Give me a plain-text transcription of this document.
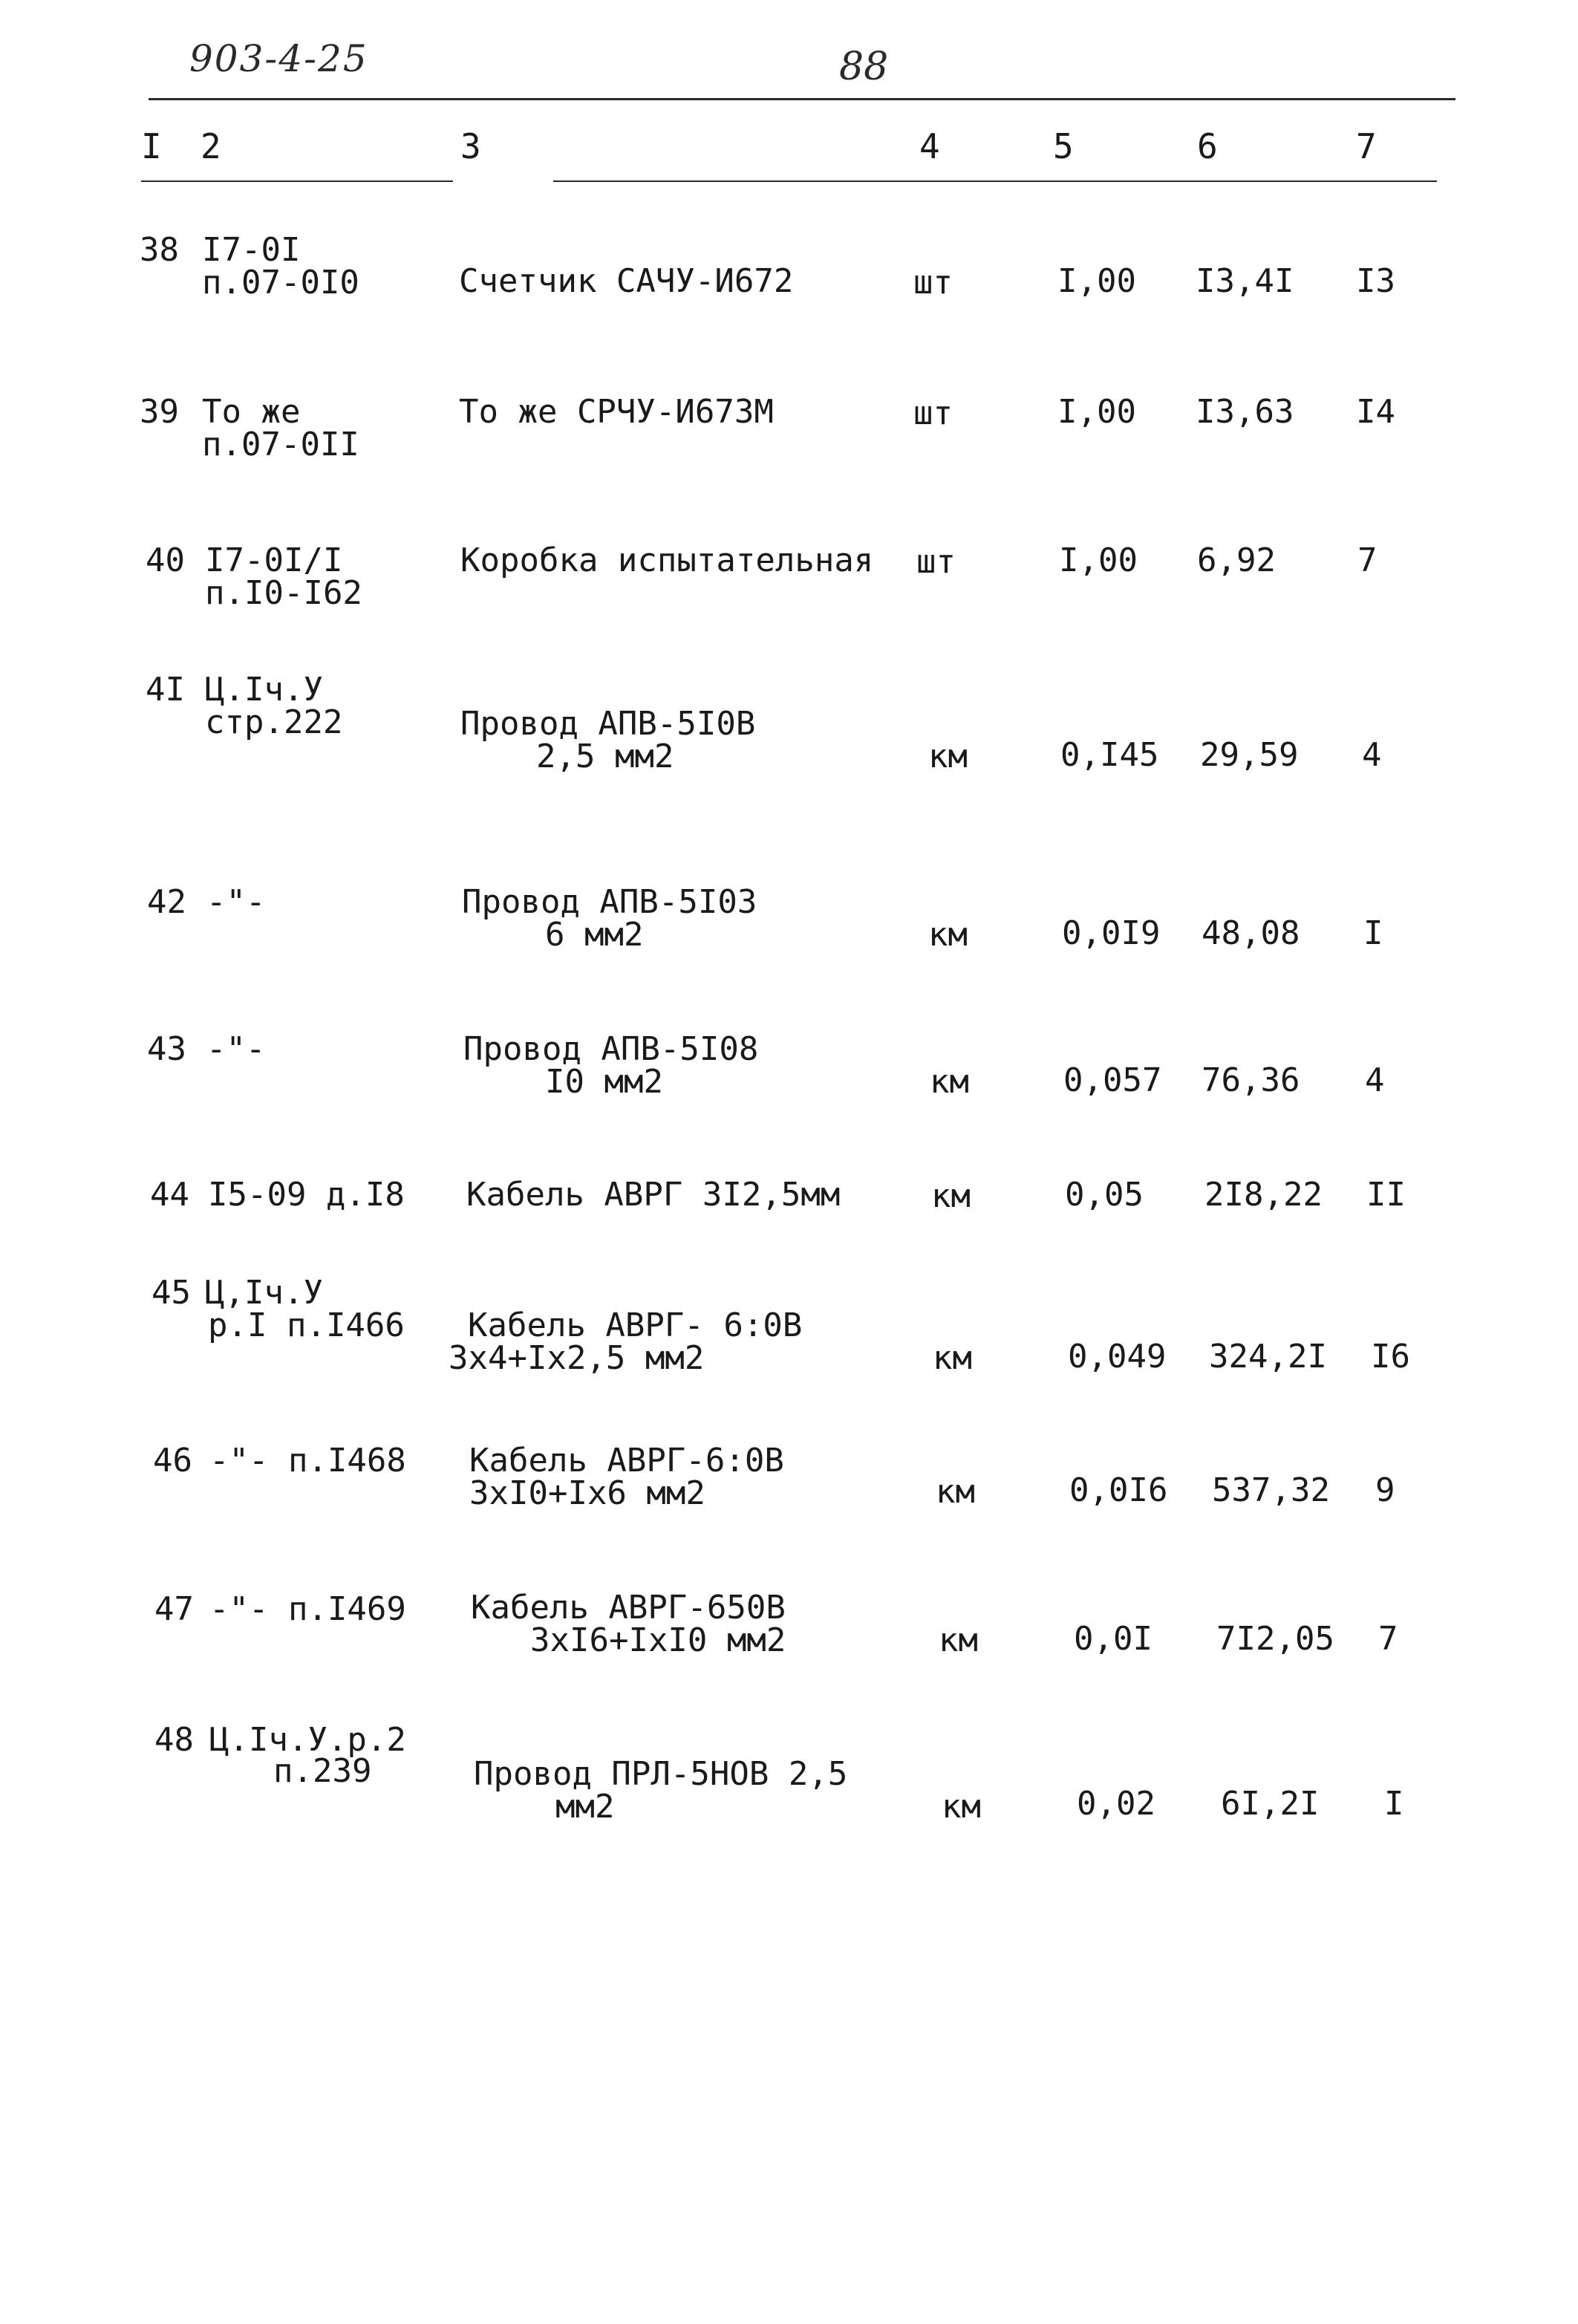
903-4-25	88
I 2	3	4	5	6	7
38 I7-0I
п.07-0I0	Счетчик САЧУ-И672	шт	I,00 I3,4I I3
39 То же
п.07-0II
То же СРЧУ-И673М	шт	I,00 I3,63 I4
40 I7-0I/I
п.I0-I62
Коробка испытательная шт	I,00 6,92	7
4I Ц.Iч.У
стр.222	Провод АПВ-5I0В
2,5 мм2	км	0,I45 29,59 4
42 -"-	Провод АПВ-5I03
6 мм2	км	0,0I9 48,08 I
43 -"-	Провод АПВ-5I08
I0 мм2	км	0,057 76,36 4
44 I5-09 д.I8 Кабель АВРГ 3I2,5мм	км	0,05 2I8,22 II
45 Ц,Iч.У
р.I п.I466 Кабель АВРГ- 6:0В
3х4+Iх2,5 мм2	км	0,049 324,2I I6
46 -"- п.I468 Кабель АВРГ-6:0В
3хI0+Iх6 мм2	км	0,0I6 537,32 9
47 -"- п.I469 Кабель АВРГ-650В
3хI6+IхI0 мм2	км	0,0I 7I2,05 7
48 Ц.Iч.У.р.2
п.239	Провод ПРЛ-5НОВ 2,5
мм2	км	0,02 6I,2I I
